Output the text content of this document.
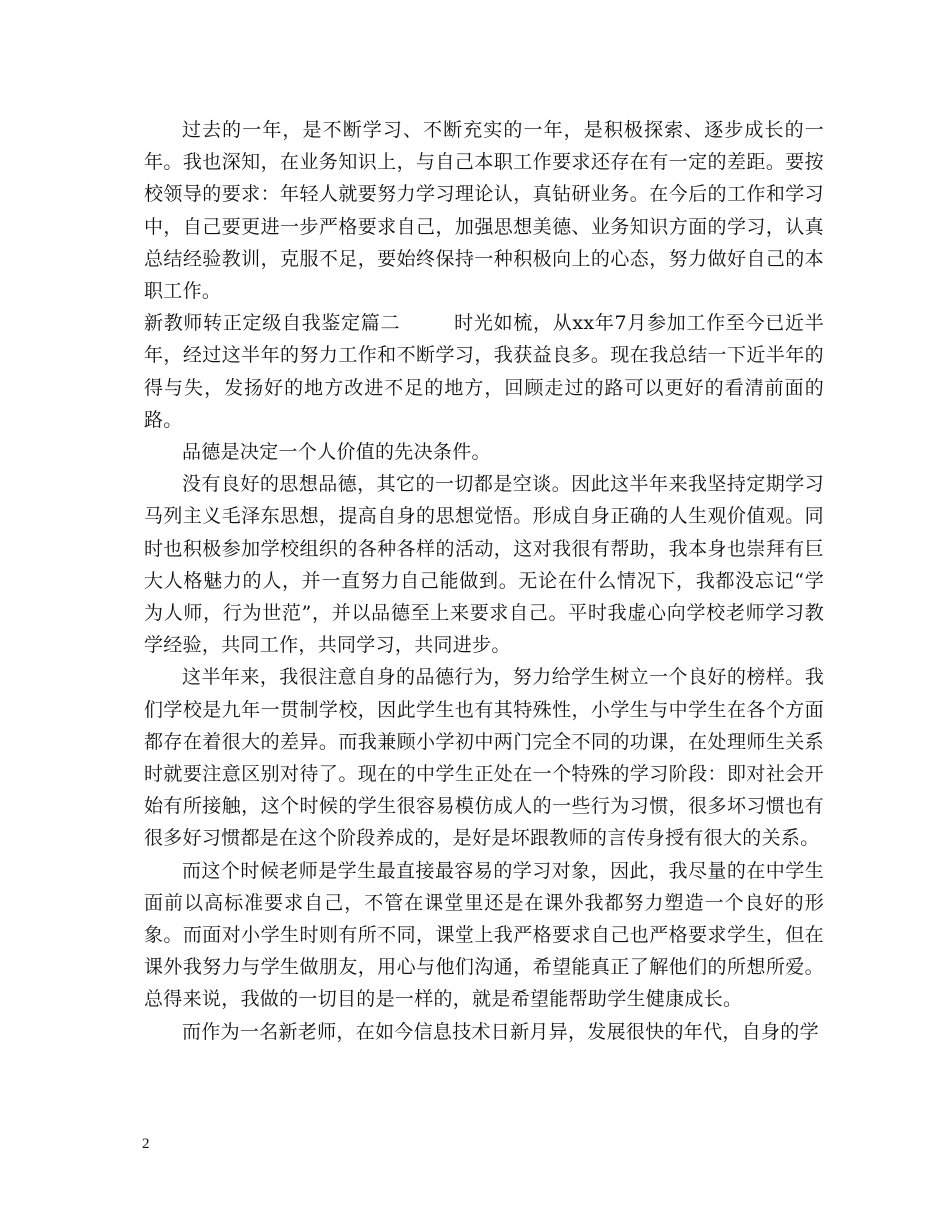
过去的一年，是不断学习、不断充实的一年，是积极探索、逐步成长的一年。我也深知，在业务知识上，与自己本职工作要求还存在有一定的差距。要按校领导的要求：年轻人就要努力学习理论认，真钻研业务。在今后的工作和学习中，自己要更进一步严格要求自己，加强思想美德、业务知识方面的学习，认真总结经验教训，克服不足，要始终保持一种积极向上的心态，努力做好自己的本职工作。

新教师转正定级自我鉴定篇二	时光如梳，从xx年7月参加工作至今已近半年，经过这半年的努力工作和不断学习，我获益良多。现在我总结一下近半年的得与失，发扬好的地方改进不足的地方，回顾走过的路可以更好的看清前面的路。

品德是决定一个人价值的先决条件。

没有良好的思想品德，其它的一切都是空谈。因此这半年来我坚持定期学习马列主义毛泽东思想，提高自身的思想觉悟。形成自身正确的人生观价值观。同时也积极参加学校组织的各种各样的活动，这对我很有帮助，我本身也崇拜有巨大人格魅力的人，并一直努力自己能做到。无论在什么情况下，我都没忘记“学为人师，行为世范”，并以品德至上来要求自己。平时我虚心向学校老师学习教学经验，共同工作，共同学习，共同进步。

这半年来，我很注意自身的品德行为，努力给学生树立一个良好的榜样。我们学校是九年一贯制学校，因此学生也有其特殊性，小学生与中学生在各个方面都存在着很大的差异。而我兼顾小学初中两门完全不同的功课，在处理师生关系时就要注意区别对待了。现在的中学生正处在一个特殊的学习阶段：即对社会开始有所接触，这个时候的学生很容易模仿成人的一些行为习惯，很多坏习惯也有很多好习惯都是在这个阶段养成的，是好是坏跟教师的言传身授有很大的关系。

而这个时候老师是学生最直接最容易的学习对象，因此，我尽量的在中学生面前以高标准要求自己，不管在课堂里还是在课外我都努力塑造一个良好的形象。而面对小学生时则有所不同，课堂上我严格要求自己也严格要求学生，但在课外我努力与学生做朋友，用心与他们沟通，希望能真正了解他们的所想所爱。总得来说，我做的一切目的是一样的，就是希望能帮助学生健康成长。

而作为一名新老师，在如今信息技术日新月异，发展很快的年代，自身的学

2
